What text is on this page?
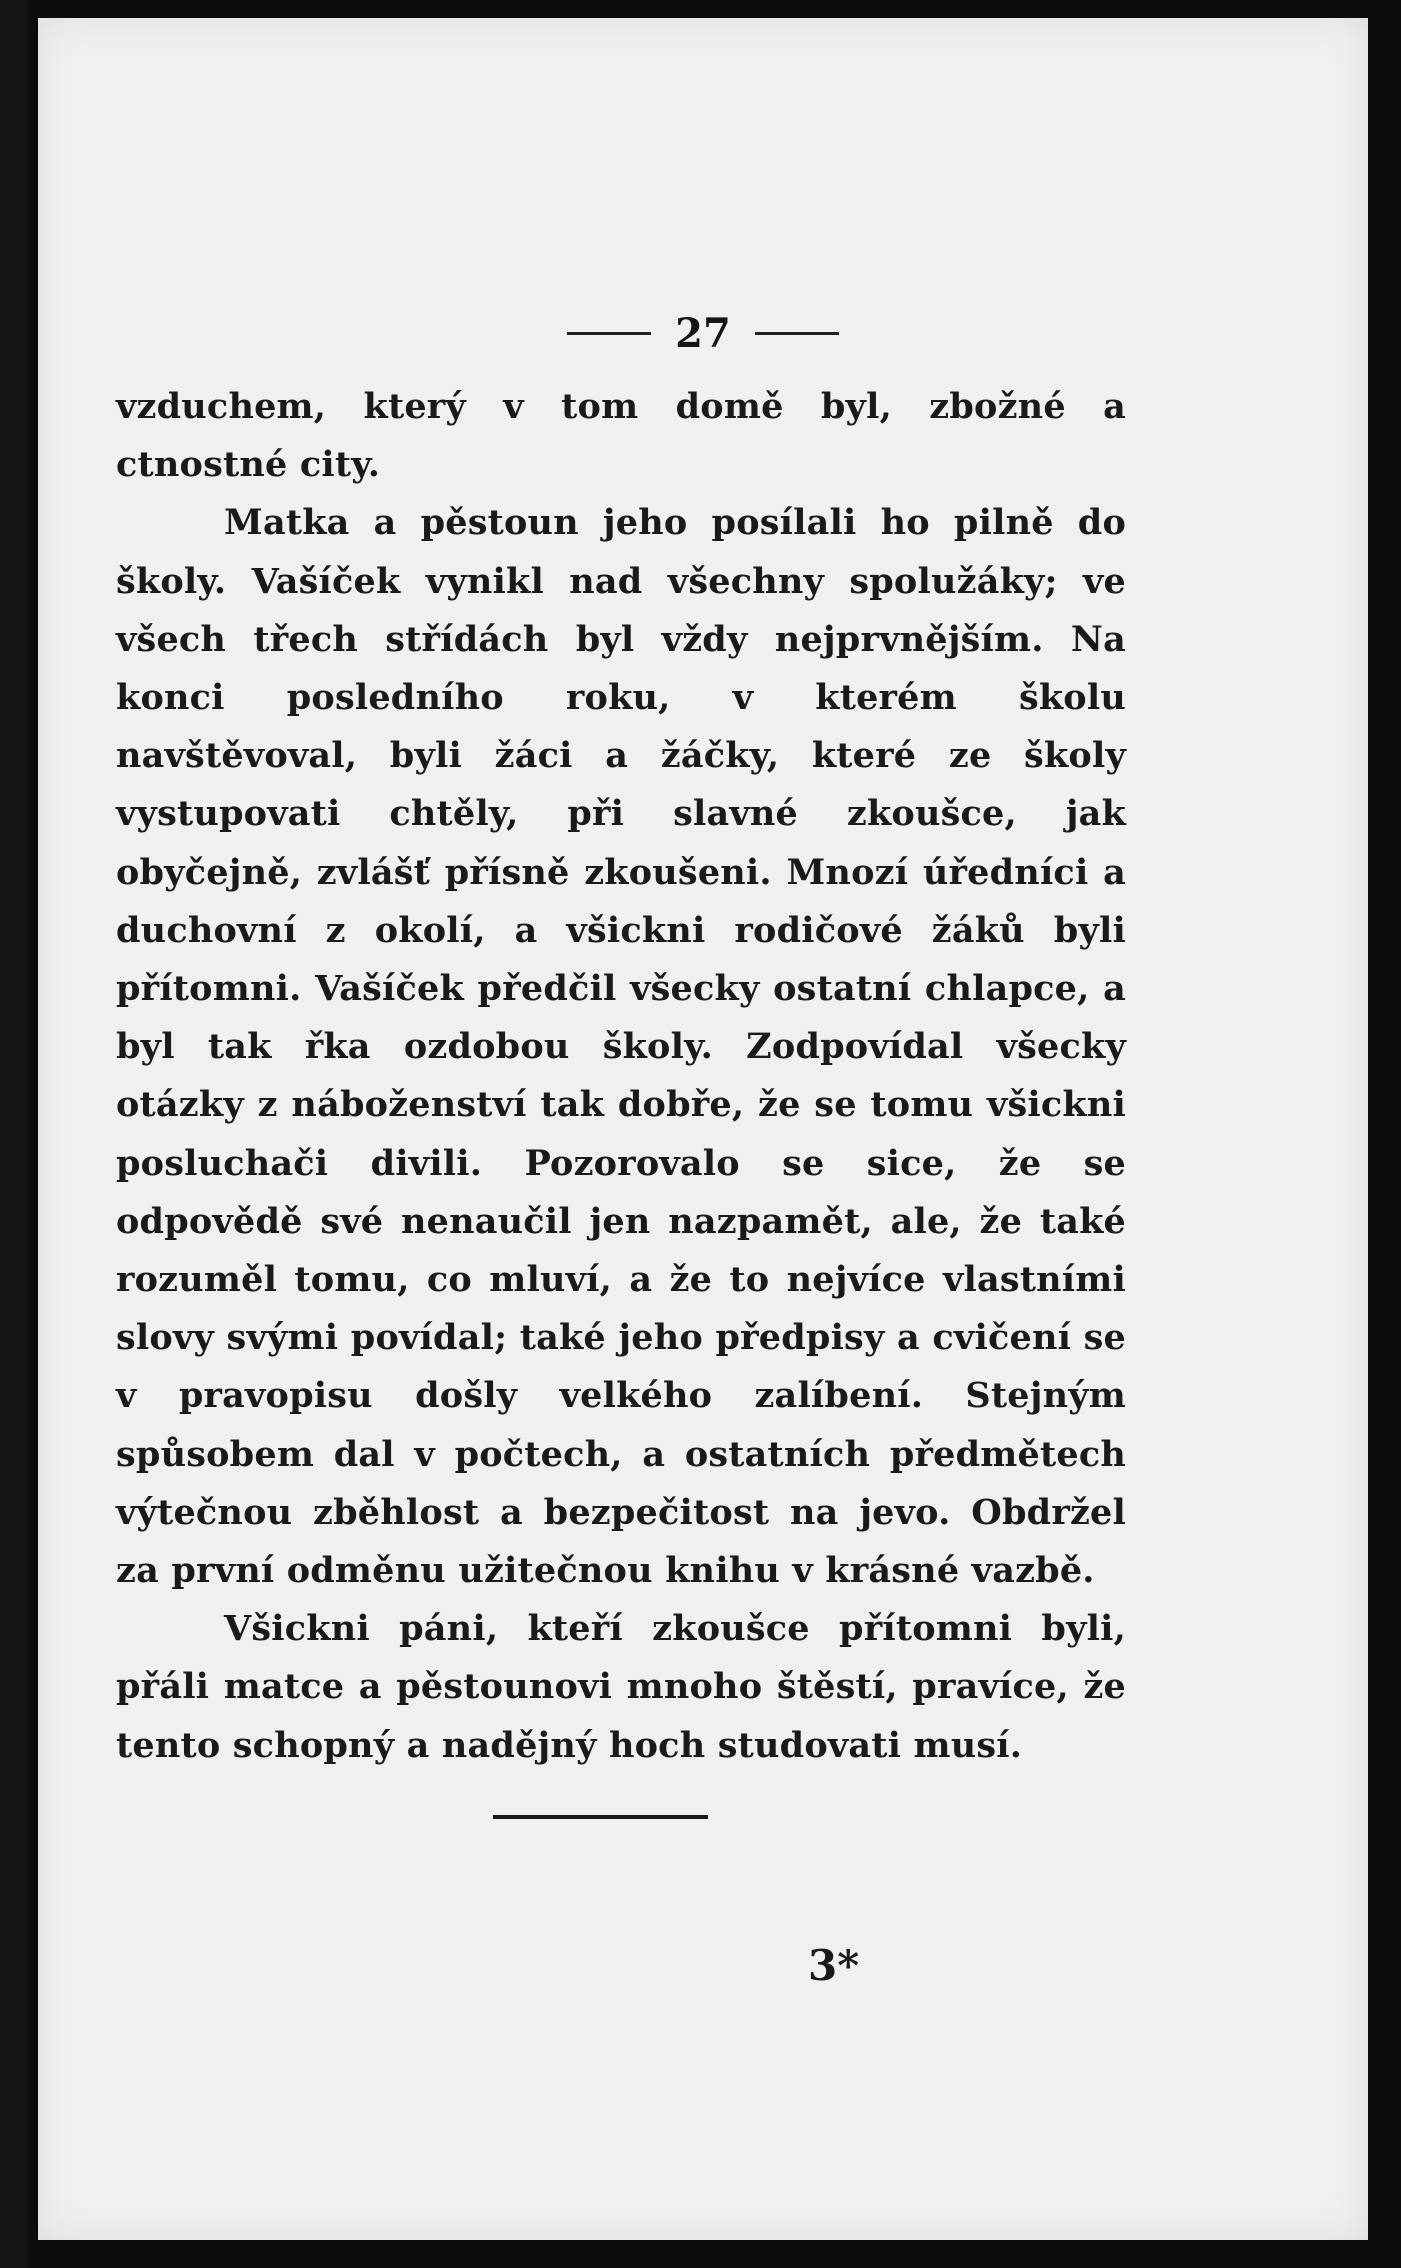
27

vzduchem, který v tom domě byl, zbožné a ctnostné city.

Matka a pěstoun jeho posílali ho pilně do školy. Vašíček vynikl nad všechny spolužáky; ve všech třech střídách byl vždy nejprvnějším. Na konci posledního roku, v kterém školu navštěvoval, byli žáci a žáčky, které ze školy vystupovati chtěly, při slavné zkoušce, jak obyčejně, zvlášť přísně zkoušeni. Mnozí úředníci a duchovní z okolí, a všickni rodičové žáků byli přítomni. Vašíček předčil všecky ostatní chlapce, a byl tak řka ozdobou školy. Zodpovídal všecky otázky z náboženství tak dobře, že se tomu všickni posluchači divili. Pozorovalo se sice, že se odpovědě své nenaučil jen nazpamět, ale, že také rozuměl tomu, co mluví, a že to nejvíce vlastními slovy svými povídal; také jeho předpisy a cvičení se v pravopisu došly velkého zalíbení. Stejným spůsobem dal v počtech, a ostatních předmětech výtečnou zběhlost a bezpečitost na jevo. Obdržel za první odměnu užitečnou knihu v krásné vazbě.

Všickni páni, kteří zkoušce přítomni byli, přáli matce a pěstounovi mnoho štěstí, pravíce, že tento schopný a nadějný hoch studovati musí.

3*
